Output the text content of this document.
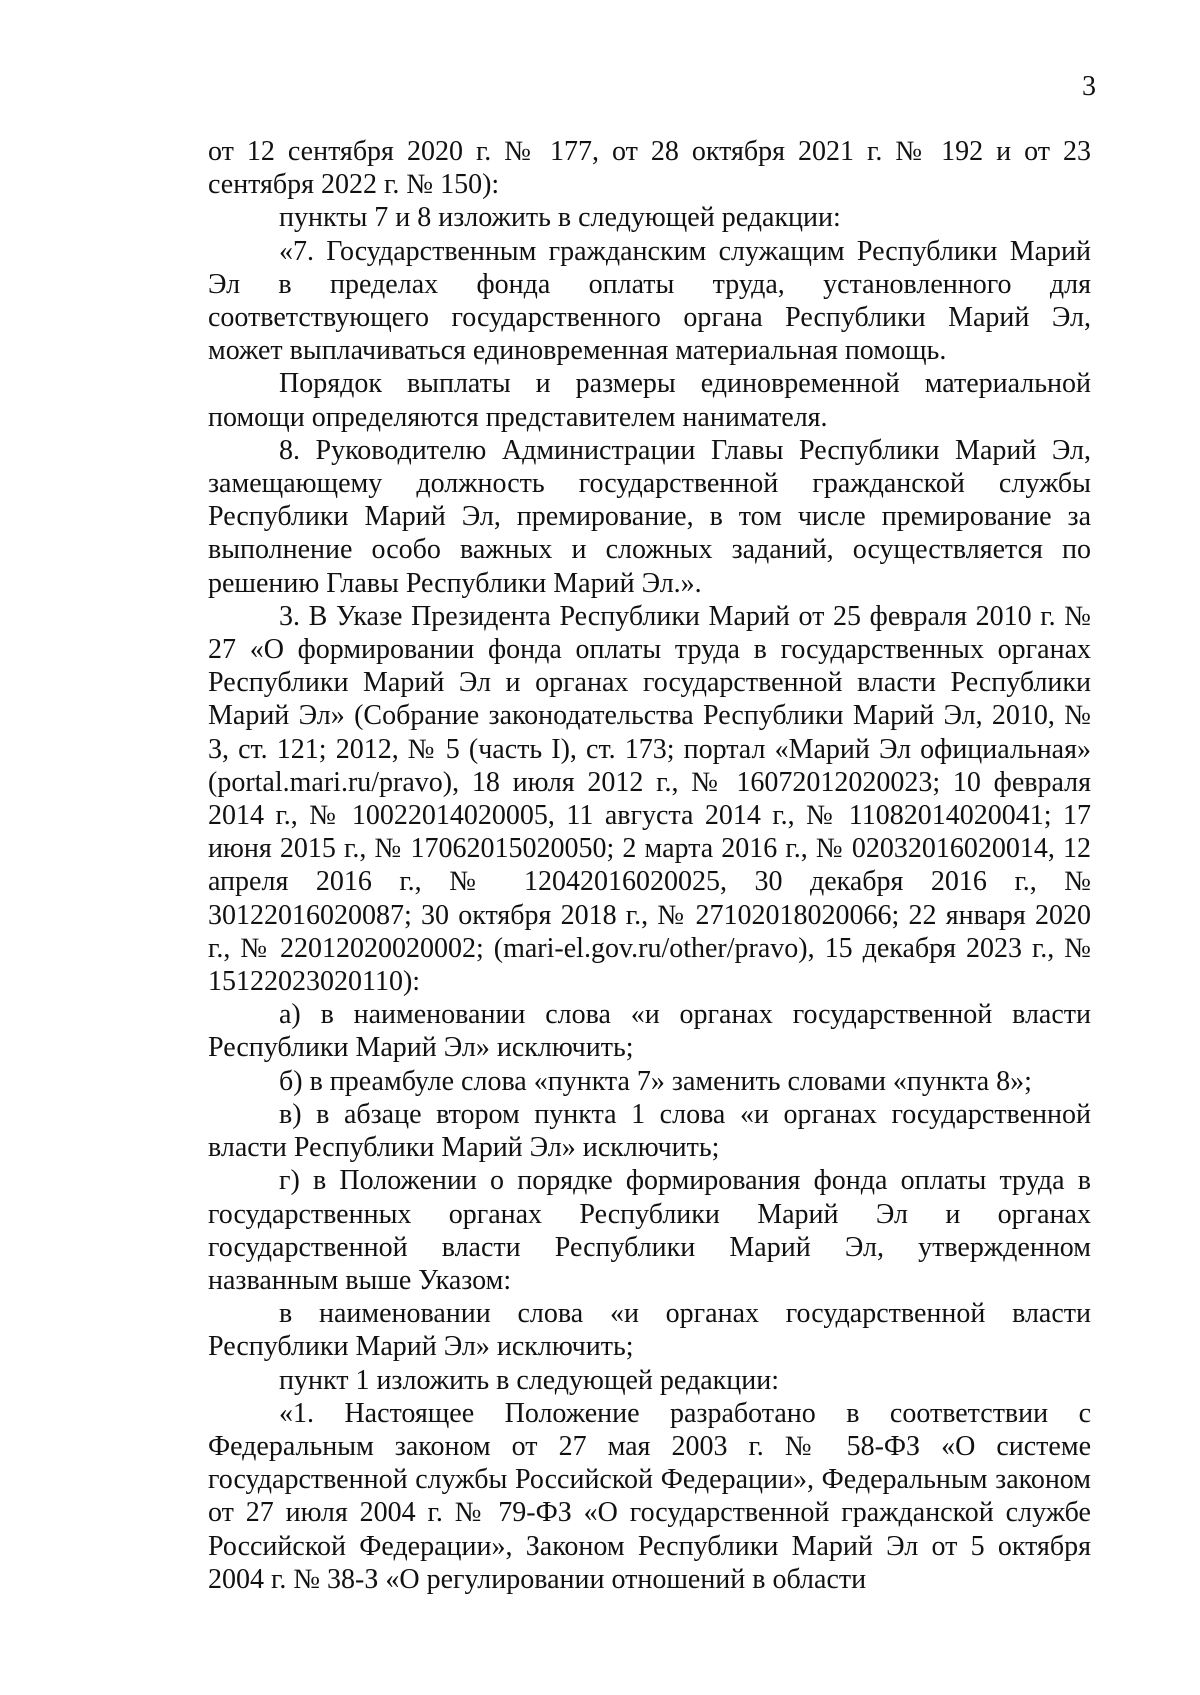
3

от 12 сентября 2020 г. № 177, от 28 октября 2021 г. № 192 и от 23 сентября 2022 г. № 150):

пункты 7 и 8 изложить в следующей редакции:

«7. Государственным гражданским служащим Республики Марий Эл в пределах фонда оплаты труда, установленного для соответствующего государственного органа Республики Марий Эл, может выплачиваться единовременная материальная помощь.

Порядок выплаты и размеры единовременной материальной помощи определяются представителем нанимателя.

8. Руководителю Администрации Главы Республики Марий Эл, замещающему должность государственной гражданской службы Республики Марий Эл, премирование, в том числе премирование за выполнение особо важных и сложных заданий, осуществляется по решению Главы Республики Марий Эл.».

3. В Указе Президента Республики Марий от 25 февраля 2010 г. № 27 «О формировании фонда оплаты труда в государственных органах Республики Марий Эл и органах государственной власти Республики Марий Эл» (Собрание законодательства Республики Марий Эл, 2010, № 3, ст. 121; 2012, № 5 (часть I), ст. 173; портал «Марий Эл официальная» (portal.mari.ru/pravo), 18 июля 2012 г., № 16072012020023; 10 февраля 2014 г., № 10022014020005, 11 августа 2014 г., № 11082014020041; 17 июня 2015 г., № 17062015020050; 2 марта 2016 г., № 02032016020014, 12 апреля 2016 г., № 12042016020025, 30 декабря 2016 г., № 30122016020087; 30 октября 2018 г., № 27102018020066; 22 января 2020 г., № 22012020020002; (mari-el.gov.ru/other/pravo), 15 декабря 2023 г., № 15122023020110):

а) в наименовании слова «и органах государственной власти Республики Марий Эл» исключить;

б) в преамбуле слова «пункта 7» заменить словами «пункта 8»;

в) в абзаце втором пункта 1 слова «и органах государственной власти Республики Марий Эл» исключить;

г) в Положении о порядке формирования фонда оплаты труда в государственных органах Республики Марий Эл и органах государственной власти Республики Марий Эл, утвержденном названным выше Указом:

в наименовании слова «и органах государственной власти Республики Марий Эл» исключить;

пункт 1 изложить в следующей редакции:

«1. Настоящее Положение разработано в соответствии с Федеральным законом от 27 мая 2003 г. № 58-ФЗ «О системе государственной службы Российской Федерации», Федеральным законом от 27 июля 2004 г. № 79-ФЗ «О государственной гражданской службе Российской Федерации», Законом Республики Марий Эл от 5 октября 2004 г. № 38-З «О регулировании отношений в области
